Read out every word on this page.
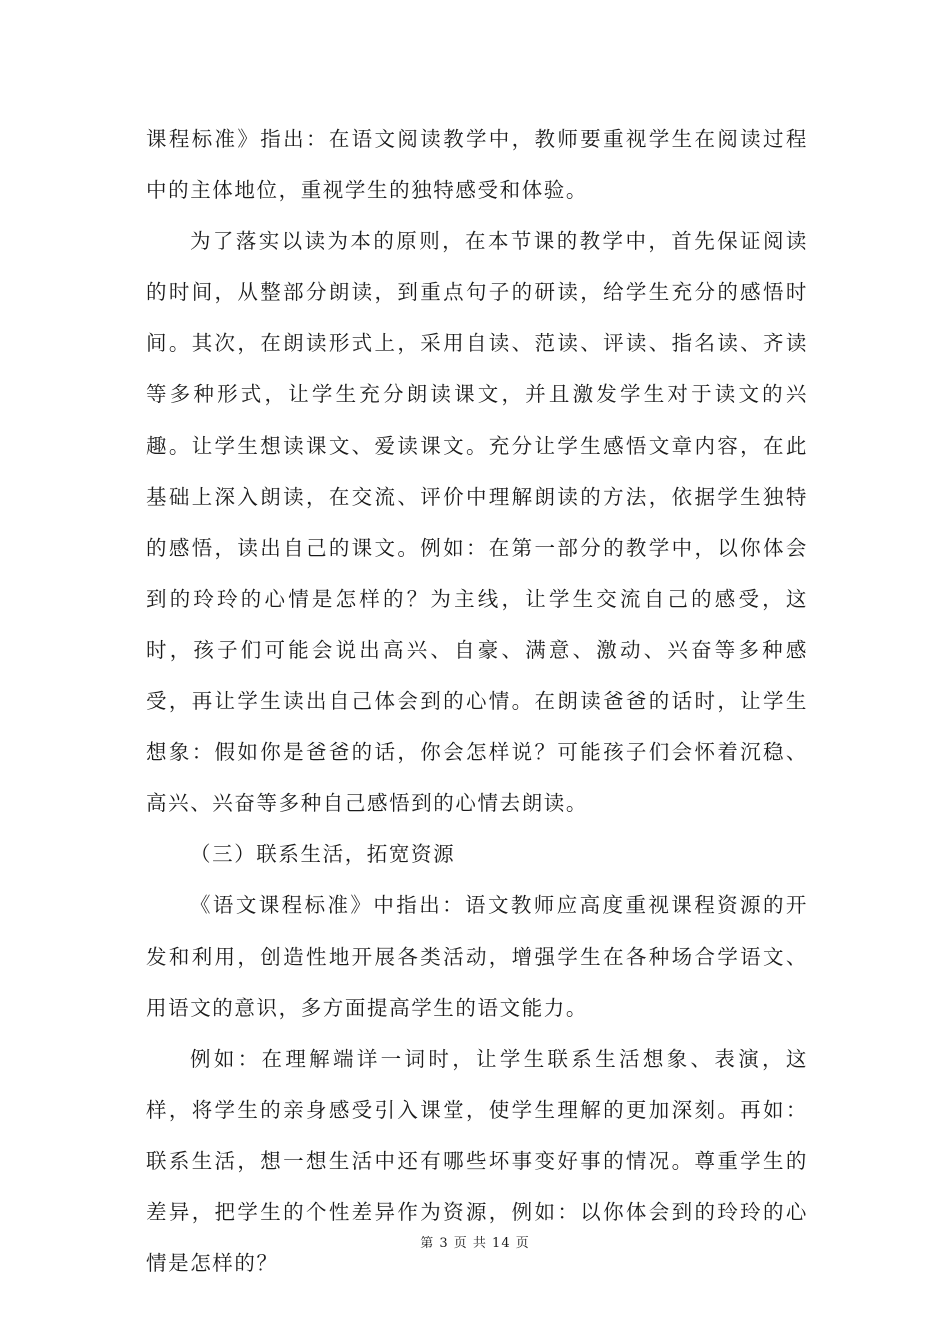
课程标准》指出：在语文阅读教学中，教师要重视学生在阅读过程中的主体地位，重视学生的独特感受和体验。

为了落实以读为本的原则，在本节课的教学中，首先保证阅读的时间，从整部分朗读，到重点句子的研读，给学生充分的感悟时间。其次，在朗读形式上，采用自读、范读、评读、指名读、齐读等多种形式，让学生充分朗读课文，并且激发学生对于读文的兴趣。让学生想读课文、爱读课文。充分让学生感悟文章内容，在此基础上深入朗读，在交流、评价中理解朗读的方法，依据学生独特的感悟，读出自己的课文。例如：在第一部分的教学中，以你体会到的玲玲的心情是怎样的？为主线，让学生交流自己的感受，这时，孩子们可能会说出高兴、自豪、满意、激动、兴奋等多种感受，再让学生读出自己体会到的心情。在朗读爸爸的话时，让学生想象：假如你是爸爸的话，你会怎样说？可能孩子们会怀着沉稳、高兴、兴奋等多种自己感悟到的心情去朗读。

（三）联系生活，拓宽资源

《语文课程标准》中指出：语文教师应高度重视课程资源的开发和利用，创造性地开展各类活动，增强学生在各种场合学语文、用语文的意识，多方面提高学生的语文能力。

例如：在理解端详一词时，让学生联系生活想象、表演，这样，将学生的亲身感受引入课堂，使学生理解的更加深刻。再如：联系生活，想一想生活中还有哪些坏事变好事的情况。尊重学生的差异，把学生的个性差异作为资源，例如：以你体会到的玲玲的心情是怎样的？

第 3 页 共 14 页
